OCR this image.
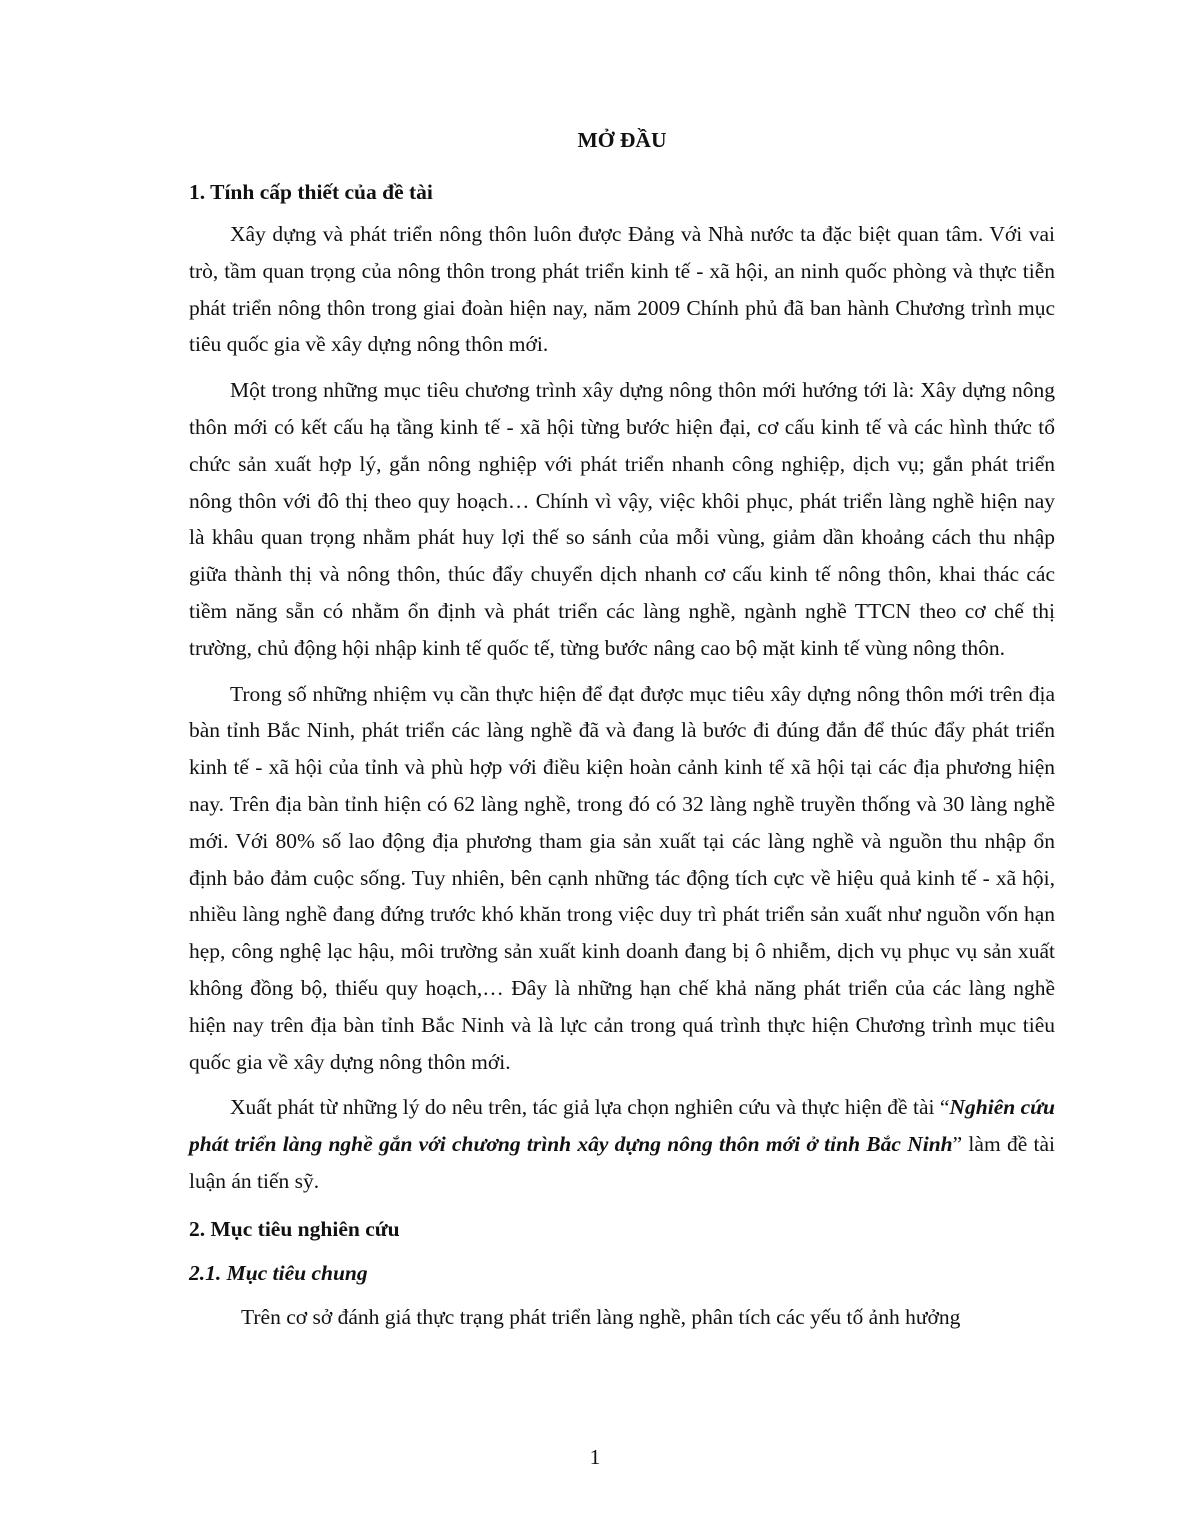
MỞ ĐẦU
1. Tính cấp thiết của đề tài

Xây dựng và phát triển nông thôn luôn được Đảng và Nhà nước ta đặc biệt quan tâm. Với vai trò, tầm quan trọng của nông thôn trong phát triển kinh tế - xã hội, an ninh quốc phòng và thực tiễn phát triển nông thôn trong giai đoàn hiện nay, năm 2009 Chính phủ đã ban hành Chương trình mục tiêu quốc gia về xây dựng nông thôn mới.

Một trong những mục tiêu chương trình xây dựng nông thôn mới hướng tới là: Xây dựng nông thôn mới có kết cấu hạ tầng kinh tế - xã hội từng bước hiện đại, cơ cấu kinh tế và các hình thức tổ chức sản xuất hợp lý, gắn nông nghiệp với phát triển nhanh công nghiệp, dịch vụ; gắn phát triển nông thôn với đô thị theo quy hoạch… Chính vì vậy, việc khôi phục, phát triển làng nghề hiện nay là khâu quan trọng nhằm phát huy lợi thế so sánh của mỗi vùng, giảm dần khoảng cách thu nhập giữa thành thị và nông thôn, thúc đẩy chuyển dịch nhanh cơ cấu kinh tế nông thôn, khai thác các tiềm năng sẵn có nhằm ổn định và phát triển các làng nghề, ngành nghề TTCN theo cơ chế thị trường, chủ động hội nhập kinh tế quốc tế, từng bước nâng cao bộ mặt kinh tế vùng nông thôn.

Trong số những nhiệm vụ cần thực hiện để đạt được mục tiêu xây dựng nông thôn mới trên địa bàn tỉnh Bắc Ninh, phát triển các làng nghề đã và đang là bước đi đúng đắn để thúc đẩy phát triển kinh tế - xã hội của tỉnh và phù hợp với điều kiện hoàn cảnh kinh tế xã hội tại các địa phương hiện nay. Trên địa bàn tỉnh hiện có 62 làng nghề, trong đó có 32 làng nghề truyền thống và 30 làng nghề mới. Với 80% số lao động địa phương tham gia sản xuất tại các làng nghề và nguồn thu nhập ổn định bảo đảm cuộc sống. Tuy nhiên, bên cạnh những tác động tích cực về hiệu quả kinh tế - xã hội, nhiều làng nghề đang đứng trước khó khăn trong việc duy trì phát triển sản xuất như nguồn vốn hạn hẹp, công nghệ lạc hậu, môi trường sản xuất kinh doanh đang bị ô nhiễm, dịch vụ phục vụ sản xuất không đồng bộ, thiếu quy hoạch,… Đây là những hạn chế khả năng phát triển của các làng nghề hiện nay trên địa bàn tỉnh Bắc Ninh và là lực cản trong quá trình thực hiện Chương trình mục tiêu quốc gia về xây dựng nông thôn mới.

Xuất phát từ những lý do nêu trên, tác giả lựa chọn nghiên cứu và thực hiện đề tài “Nghiên cứu phát triển làng nghề gắn với chương trình xây dựng nông thôn mới ở tỉnh Bắc Ninh” làm đề tài luận án tiến sỹ.

2. Mục tiêu nghiên cứu
2.1. Mục tiêu chung

Trên cơ sở đánh giá thực trạng phát triển làng nghề, phân tích các yếu tố ảnh hưởng

1
